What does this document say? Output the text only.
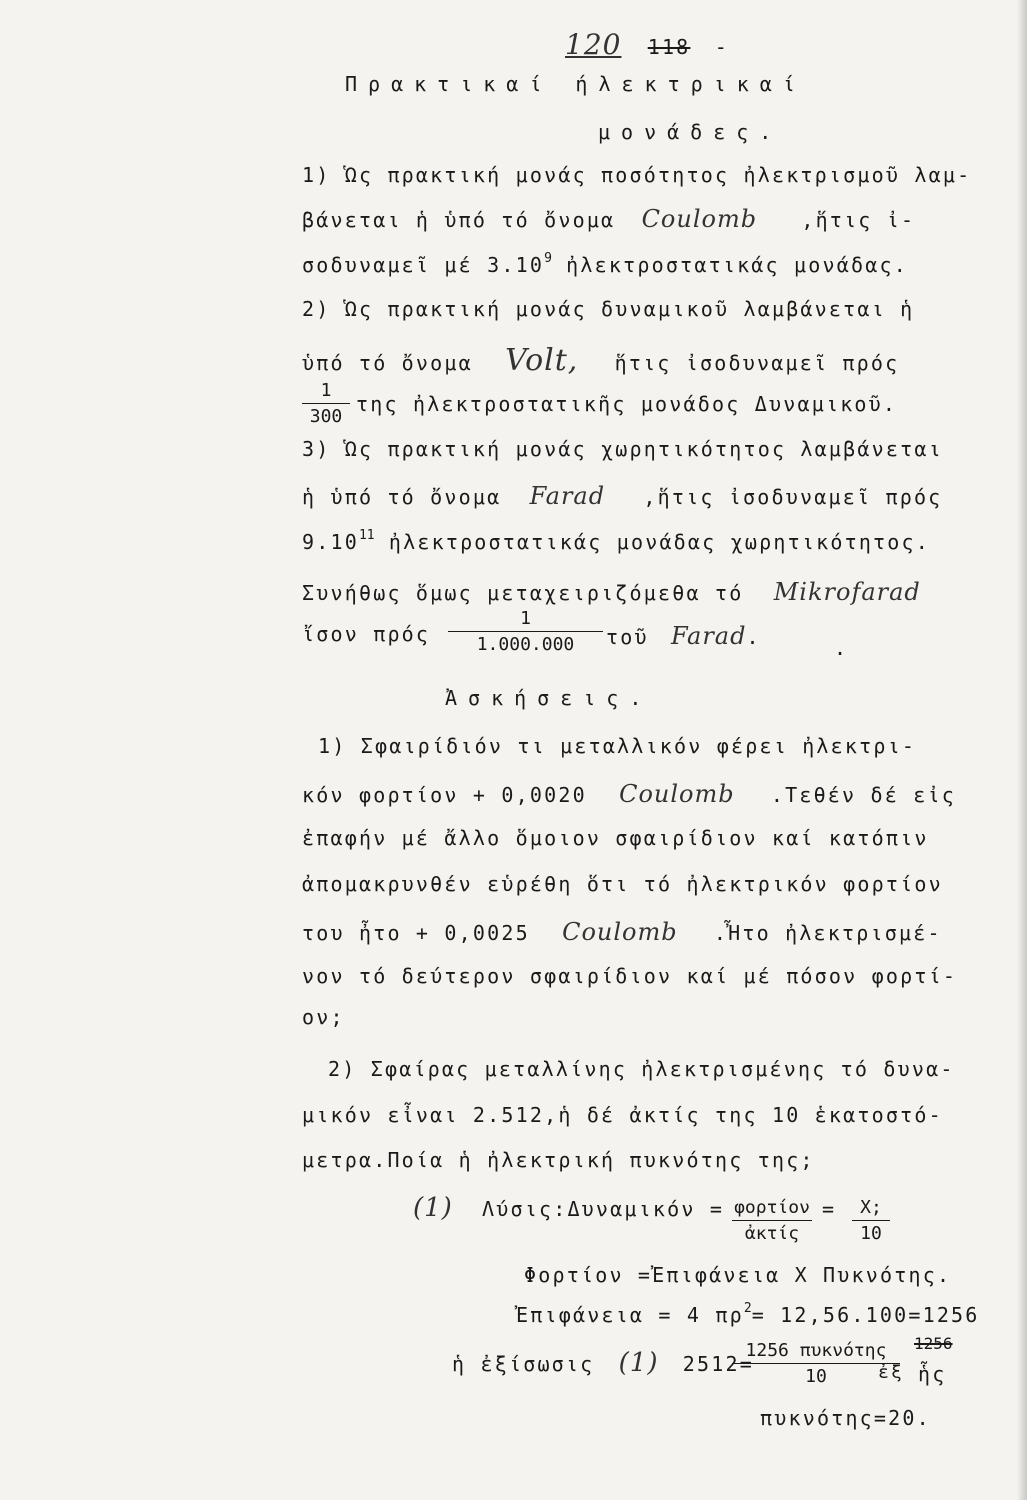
120 118 -
Πρακτικαί ήλεκτρικαί
μονάδες.
1) Ὡς πρακτική μονάς ποσότητος ἠλεκτρισμοῦ λαμ-
βάνεται ἡ ὑπό τό ὄνομα Coulomb ,ἥτις ἰ-
σοδυναμεῖ μέ 3.10$^9$ ἠλεκτροστατικάς μονάδας.
2) Ὡς πρακτική μονάς δυναμικοῦ λαμβάνεται ἡ
ὑπό τό ὄνομα Volt, ἥτις ἰσοδυναμεῖ πρός
$\frac{1}{300}$ της ἠλεκτροστατικῆς μονάδος Δυναμικοῦ.
3) Ὡς πρακτική μονάς χωρητικότητος λαμβάνεται
ἡ ὑπό τό ὄνομα Farad ,ἥτις ἰσοδυναμεῖ πρός
9.10$^{11}$ ἠλεκτροστατικάς μονάδας χωρητικότητος.
Συνήθως ὅμως μεταχειριζόμεθα τό Mikrofarad
ἴσον πρός $\frac{1}{1.000.000}$ τοῦ Farad.	.
Ἀσκήσεις.
1) Σφαιρίδιόν τι μεταλλικόν φέρει ἠλεκτρι-
κόν φορτίον + 0,0020 Coulomb .Τεθέν δέ εἰς
ἐπαφήν μέ ἄλλο ὅμοιον σφαιρίδιον καί κατόπιν
ἀπομακρυνθέν εὑρέθη ὅτι τό ἠλεκτρικόν φορτίον
του ἦτο + 0,0025 Coulomb .Ἦτο ἠλεκτρισμέ-
νον τό δεύτερον σφαιρίδιον καί μέ πόσον φορτί-
ον;
2) Σφαίρας μεταλλίνης ἠλεκτρισμένης τό δυνα-
μικόν εἶναι 2.512,ἡ δέ ἀκτίς της 10 ἑκατοστό-
μετρα.Ποία ἡ ἠλεκτρική πυκνότης της;
(1) Λύσις:Δυναμικόν = φορτίον
ἀκτίς
= $\frac{X;}{10}$
Φορτίον =Ἐπιφάνεια Χ Πυκνότης.
Ἐπιφάνεια = 4 $\pi\rho^2= 12,56.100=1256$
ἡ ἐξίσωσις (1) 2512=
1256 πυκνότης
10	ἐξ
1256
ἧς
πυκνότης=20.
